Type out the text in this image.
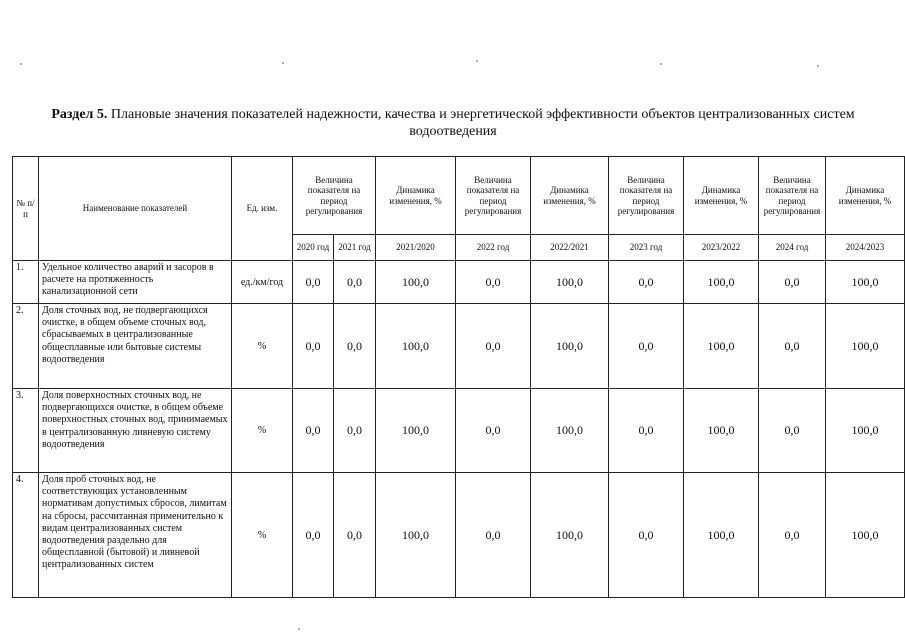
Раздел 5. Плановые значения показателей надежности, качества и энергетической эффективности объектов централизованных систем водоотведения
№ п/п	Наименование показателей	Ед. изм.	Величина показателя на период регулирования		Динамика изменения, %	Величина показателя на период регулирования	Динамика изменения, %	Величина показателя на период регулирования	Динамика изменения, %	Величина показателя на период регулирования	Динамика изменения, %
			2020 год	2021 год	2021/2020	2022 год	2022/2021	2023 год	2023/2022	2024 год	2024/2023
1.	Удельное количество аварий и засоров в расчете на протяженность канализационной сети	ед./км/год	0,0	0,0	100,0	0,0	100,0	0,0	100,0	0,0	100,0
2.	Доля сточных вод, не подвергающихся очистке, в общем объеме сточных вод, сбрасываемых в централизованные общесплавные или бытовые системы водоотведения	%	0,0	0,0	100,0	0,0	100,0	0,0	100,0	0,0	100,0
3.	Доля поверхностных сточных вод, не подвергающихся очистке, в общем объеме поверхностных сточных вод, принимаемых в централизованную ливневую систему водоотведения	%	0,0	0,0	100,0	0,0	100,0	0,0	100,0	0,0	100,0
4.	Доля проб сточных вод, не соответствующих установленным нормативам допустимых сбросов, лимитам на сбросы, рассчитанная применительно к видам централизованных систем водоотведения раздельно для общесплавной (бытовой) и ливневой централизованных систем	%	0,0	0,0	100,0	0,0	100,0	0,0	100,0	0,0	100,0
